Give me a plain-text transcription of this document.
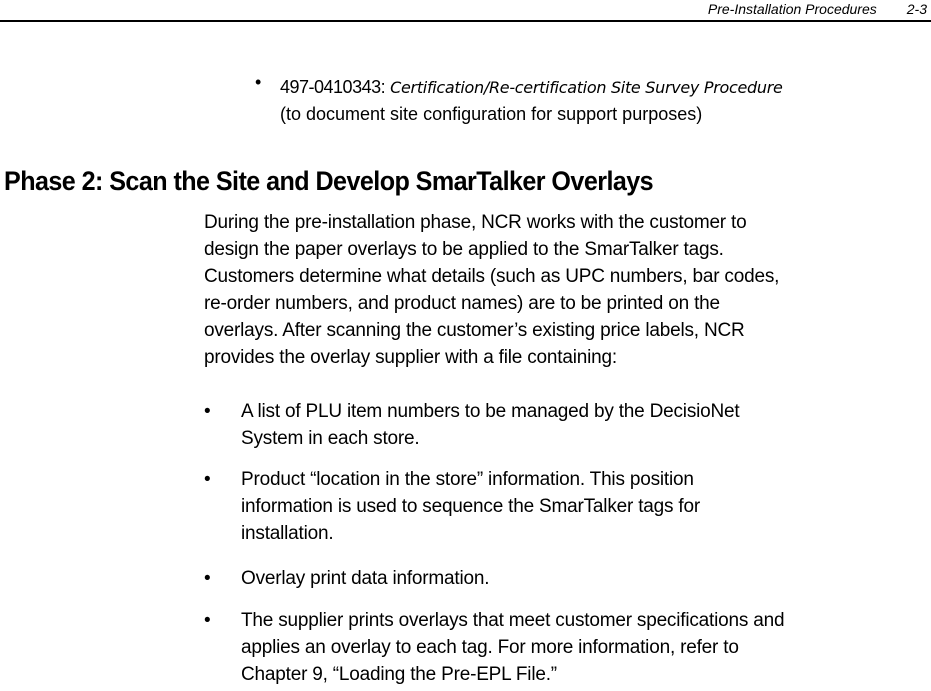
Pre-Installation Procedures 2-3
• 497-0410343: Certification/Re-certification Site Survey Procedure
(to document site configuration for support purposes)
Phase 2: Scan the Site and Develop SmarTalker Overlays

During the pre-installation phase, NCR works with the customer to
design the paper overlays to be applied to the SmarTalker tags.
Customers determine what details (such as UPC numbers, bar codes,
re-order numbers, and product names) are to be printed on the
overlays. After scanning the customer’s existing price labels, NCR
provides the overlay supplier with a file containing:

• A list of PLU item numbers to be managed by the DecisioNet
System in each store.

• Product “location in the store” information. This position
information is used to sequence the SmarTalker tags for
installation.

• Overlay print data information.

• The supplier prints overlays that meet customer specifications and
applies an overlay to each tag. For more information, refer to
Chapter 9, “Loading the Pre-EPL File.”
